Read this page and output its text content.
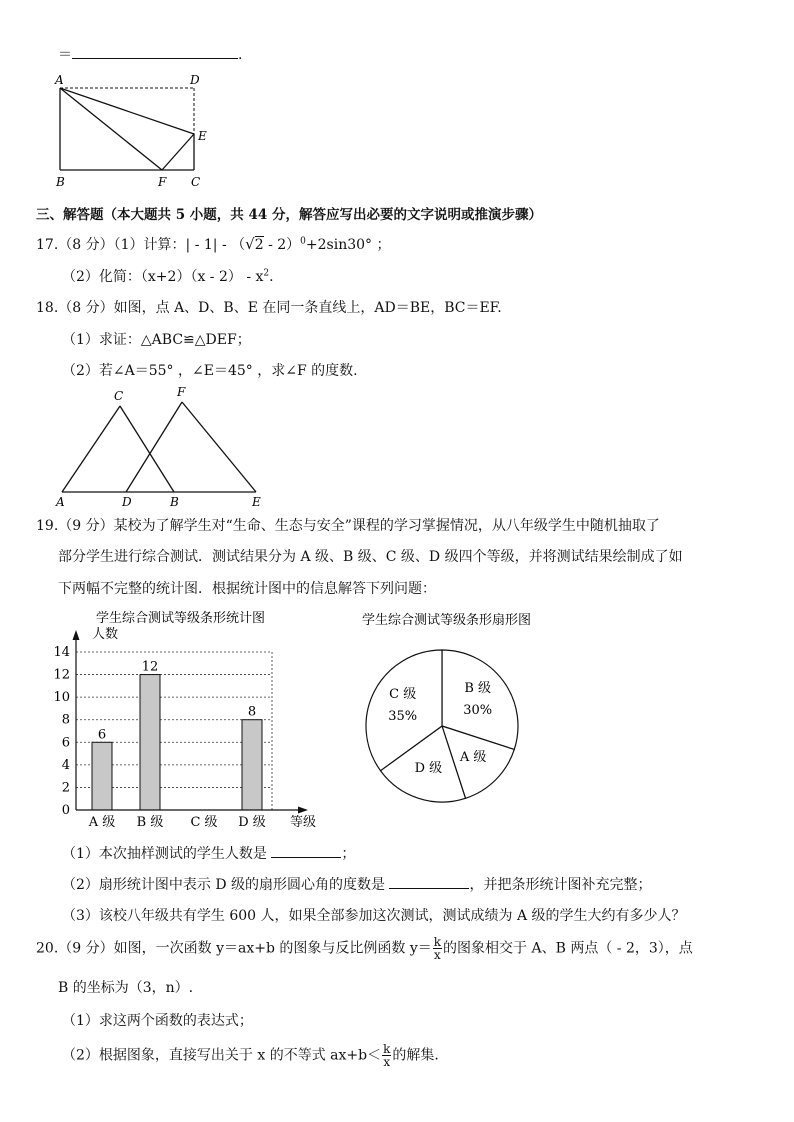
＝	.
A	D
E
B	F C
三、解答题（本大题共 5 小题，共 44 分，解答应写出必要的文字说明或推演步骤）
17.（8 分）（1）计算：| - 1| - （√2 - 2）$^0$+2sin30° ；
（2）化简：$(x+2)(x - 2) - x^2$.
18.（8 分）如图，点 A、D、B、E 在同一条直线上，AD＝BE，BC＝EF.
（1）求证：△ABC≌△DEF；
（2）若∠A＝55° ，∠E＝45° ，求∠F 的度数.
C	F
A	D	B	E
19.（9 分）某校为了解学生对“生命、生态与安全”课程的学习掌握情况，从八年级学生中随机抽取了
部分学生进行综合测试．测试结果分为 A 级、B 级、C 级、D 级四个等级，并将测试结果绘制成了如
下两幅不完整的统计图．根据统计图中的信息解答下列问题：
学生综合测试等级条形统计图
人数
6
12
8
0
2
4
6
8
10
12
14
A 级 B 级 C 级 D 级 等级
学生综合测试等级条形扇形图
B 级
30%
A 级
D 级
C 级
35%
（1）本次抽样测试的学生人数是	；
（2）扇形统计图中表示 D 级的扇形圆心角的度数是	，并把条形统计图补充完整；
（3）该校八年级共有学生 600 人，如果全部参加这次测试，测试成绩为 A 级的学生大约有多少人？
20.（9 分）如图，一次函数 y＝ax+b 的图象与反比例函数 $y= \frac{k}{x}$ 的图象相交于 A、B 两点（ - 2，3），点
B 的坐标为（3，n）.
（1）求这两个函数的表达式；
（2）根据图象，直接写出关于 x 的不等式 $ax+b< \frac{k}{x}$ 的解集.
